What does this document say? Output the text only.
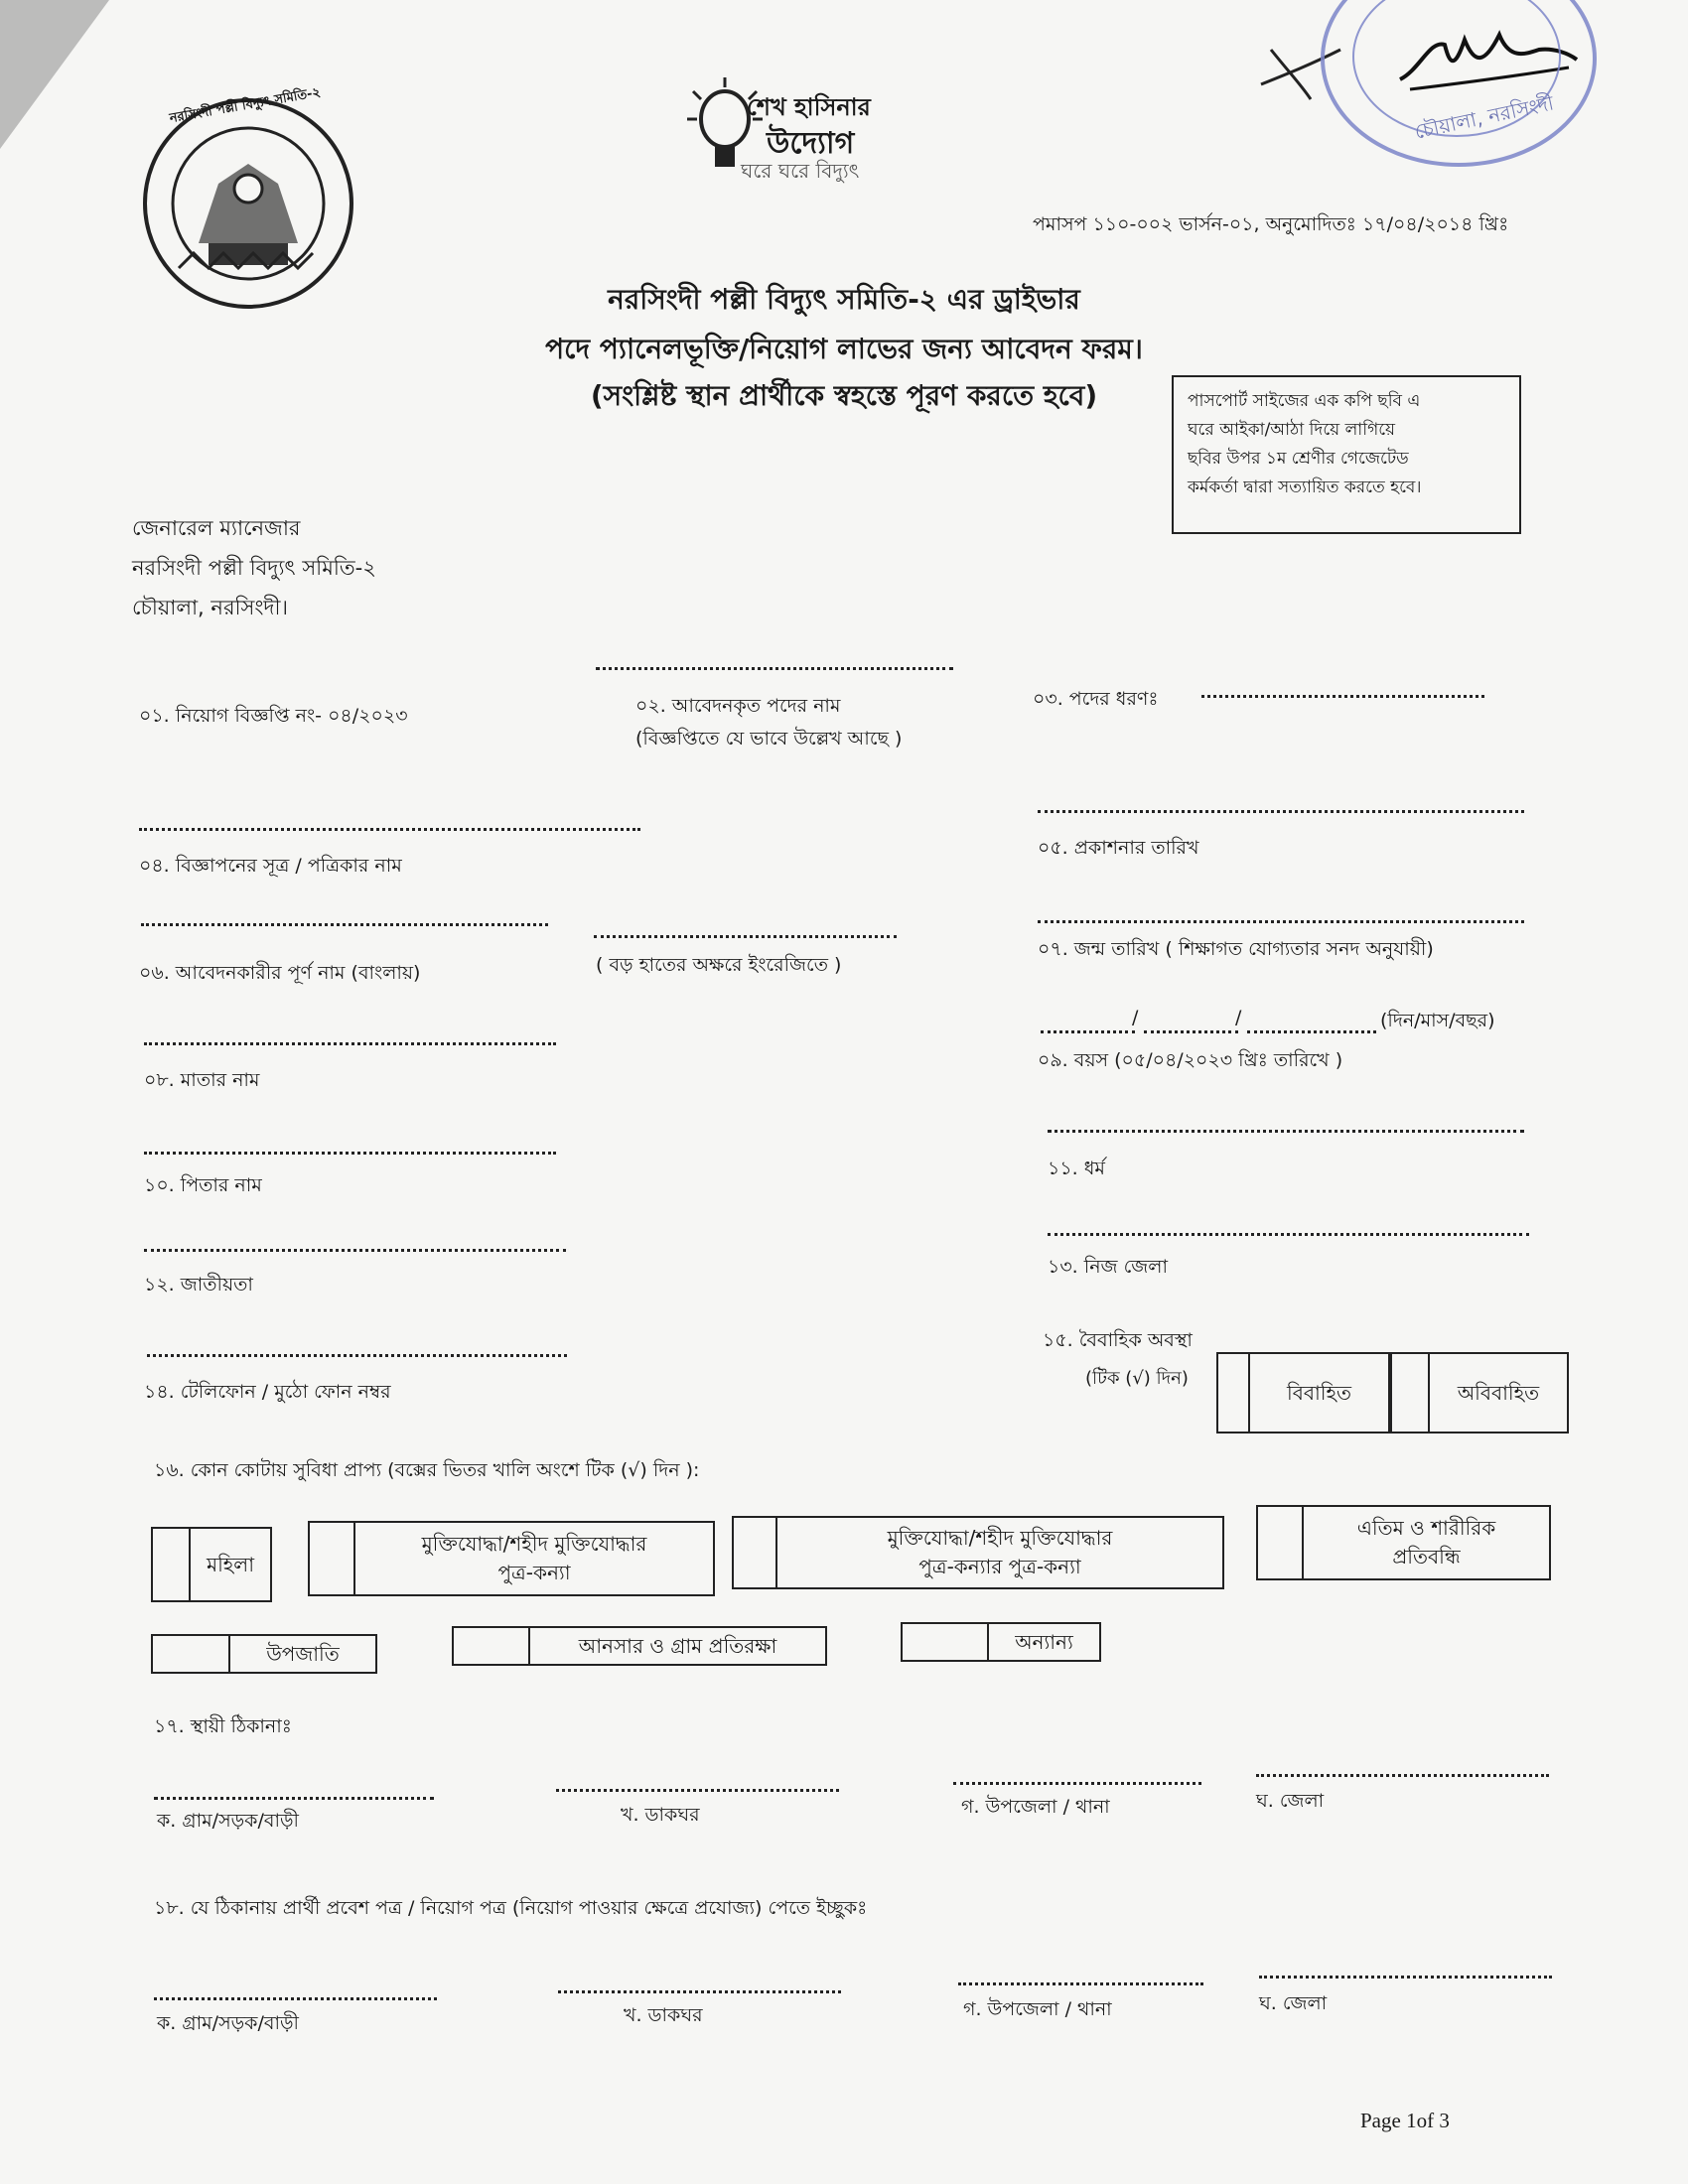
নরসিংদী পল্লী বিদ্যুৎ সমিতি-২	শেখ হাসিনার
উদ্যোগ
ঘরে ঘরে বিদ্যুৎ
চৌয়ালা, নরসিংদী
পমাসপ ১১০-০০২ ভার্সন-০১, অনুমোদিতঃ ১৭/০৪/২০১৪ খ্রিঃ
নরসিংদী পল্লী বিদ্যুৎ সমিতি-২ এর ড্রাইভার
পদে প্যানেলভূক্তি/নিয়োগ লাভের জন্য আবেদন ফরম।
(সংশ্লিষ্ট স্থান প্রার্থীকে স্বহস্তে পূরণ করতে হবে)	পাসপোর্ট সাইজের এক কপি ছবি এ
ঘরে আইকা/আঠা দিয়ে লাগিয়ে
ছবির উপর ১ম শ্রেণীর গেজেটেড
কর্মকর্তা দ্বারা সত্যায়িত করতে হবে।
জেনারেল ম্যানেজার
নরসিংদী পল্লী বিদ্যুৎ সমিতি-২
চৌয়ালা, নরসিংদী।
০১. নিয়োগ বিজ্ঞপ্তি নং- ০৪/২০২৩	০২. আবেদনকৃত পদের নাম
(বিজ্ঞপ্তিতে যে ভাবে উল্লেখ আছে )
০৩. পদের ধরণঃ
০৪. বিজ্ঞাপনের সূত্র / পত্রিকার নাম
০৫. প্রকাশনার তারিখ
০৬. আবেদনকারীর পূর্ণ নাম (বাংলায়)	( বড় হাতের অক্ষরে ইংরেজিতে )
০৭. জন্ম তারিখ ( শিক্ষাগত যোগ্যতার সনদ অনুযায়ী)
/	/	(দিন/মাস/বছর)
০৮. মাতার নাম
০৯. বয়স (০৫/০৪/২০২৩ খ্রিঃ তারিখে )
১০. পিতার নাম
১১. ধর্ম
১২. জাতীয়তা
১৩. নিজ জেলা
১৪. টেলিফোন / মুঠো ফোন নম্বর
১৫. বৈবাহিক অবস্থা
(টিক (√) দিন)
বিবাহিত	অবিবাহিত
১৬. কোন কোটায় সুবিধা প্রাপ্য (বক্সের ভিতর খালি অংশে টিক (√) দিন ):
মহিলা
মুক্তিযোদ্ধা/শহীদ মুক্তিযোদ্ধার
পুত্র-কন্যা
মুক্তিযোদ্ধা/শহীদ মুক্তিযোদ্ধার
পুত্র-কন্যার পুত্র-কন্যা
এতিম ও শারীরিক
প্রতিবন্ধি
উপজাতি	আনসার ও গ্রাম প্রতিরক্ষা	অন্যান্য
১৭. স্থায়ী ঠিকানাঃ
ক. গ্রাম/সড়ক/বাড়ী	খ. ডাকঘর	গ. উপজেলা / থানা	ঘ. জেলা
১৮. যে ঠিকানায় প্রার্থী প্রবেশ পত্র / নিয়োগ পত্র (নিয়োগ পাওয়ার ক্ষেত্রে প্রযোজ্য) পেতে ইচ্ছুকঃ
ক. গ্রাম/সড়ক/বাড়ী	খ. ডাকঘর	গ. উপজেলা / থানা	ঘ. জেলা
Page 1of 3
